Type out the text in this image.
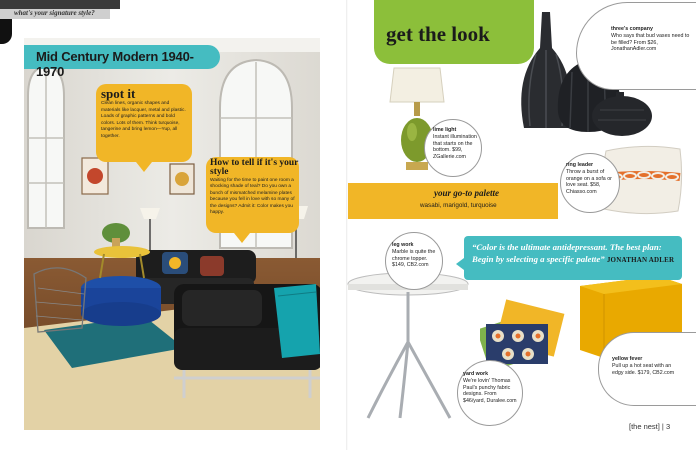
what's your signature style?
Mid Century Modern 1940-1970
spot it
Clean lines, organic shapes and materials like lacquer, metal and plastic. Loads of graphic patterns and bold colors. Lots of them. Think turquoise, tangerine and bring lemon—Yup, all together.
How to tell if it's your style
Waiting for the time to paint one room a shocking shade of teal? Do you own a bunch of mismatched melamine plates because you fell in love with so many of the designs? Admit it: Color makes you happy.
get the look
your go-to palette
wasabi, marigold, turquoise
“Color is the ultimate antidepressant. The best plan: Begin by selecting a specific palette” JONATHAN ADLER
three's company
Who says that bud vases need to be filled? From $26, JonathanAdler.com
lime light
Instant illumination that starts on the bottom. $99, ZGallerie.com
ring leader
Throw a burst of orange on a sofa or love seat. $58, Chiasso.com
leg work
Marble is quite the chrome topper. $149, CB2.com
yard work
We're lovin' Thomas Paul's punchy fabric designs. From $46/yard, Duralee.com
yellow fever
Pull up a hot seat with an edgy side. $179, CB2.com
[the nest] | 3
